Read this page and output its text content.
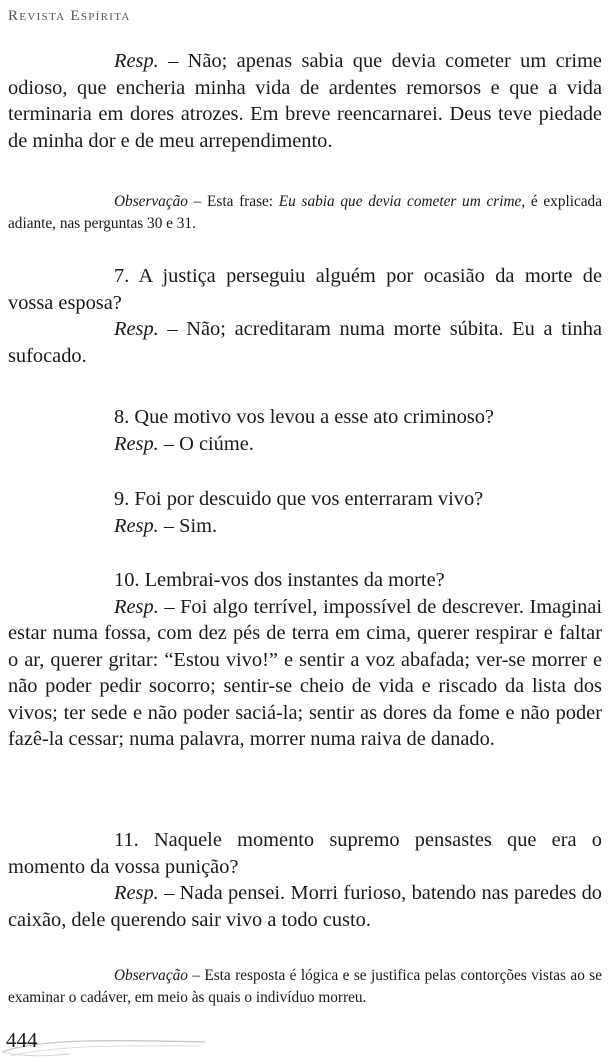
Revista Espírita

Resp. – Não; apenas sabia que devia cometer um crime odioso, que encheria minha vida de ardentes remorsos e que a vida terminaria em dores atrozes. Em breve reencarnarei. Deus teve piedade de minha dor e de meu arrependimento.

Observação – Esta frase: Eu sabia que devia cometer um crime, é explicada adiante, nas perguntas 30 e 31.

7. A justiça perseguiu alguém por ocasião da morte de vossa esposa?

Resp. – Não; acreditaram numa morte súbita. Eu a tinha sufocado.

8. Que motivo vos levou a esse ato criminoso?

Resp. – O ciúme.

9. Foi por descuido que vos enterraram vivo?

Resp. – Sim.

10. Lembrai-vos dos instantes da morte?

Resp. – Foi algo terrível, impossível de descrever. Imaginai estar numa fossa, com dez pés de terra em cima, querer respirar e faltar o ar, querer gritar: “Estou vivo!” e sentir a voz abafada; ver-se morrer e não poder pedir socorro; sentir-se cheio de vida e riscado da lista dos vivos; ter sede e não poder saciá-la; sentir as dores da fome e não poder fazê-la cessar; numa palavra, morrer numa raiva de danado.

11. Naquele momento supremo pensastes que era o momento da vossa punição?

Resp. – Nada pensei. Morri furioso, batendo nas paredes do caixão, dele querendo sair vivo a todo custo.

Observação – Esta resposta é lógica e se justifica pelas contorções vistas ao se examinar o cadáver, em meio às quais o indivíduo morreu.

444
